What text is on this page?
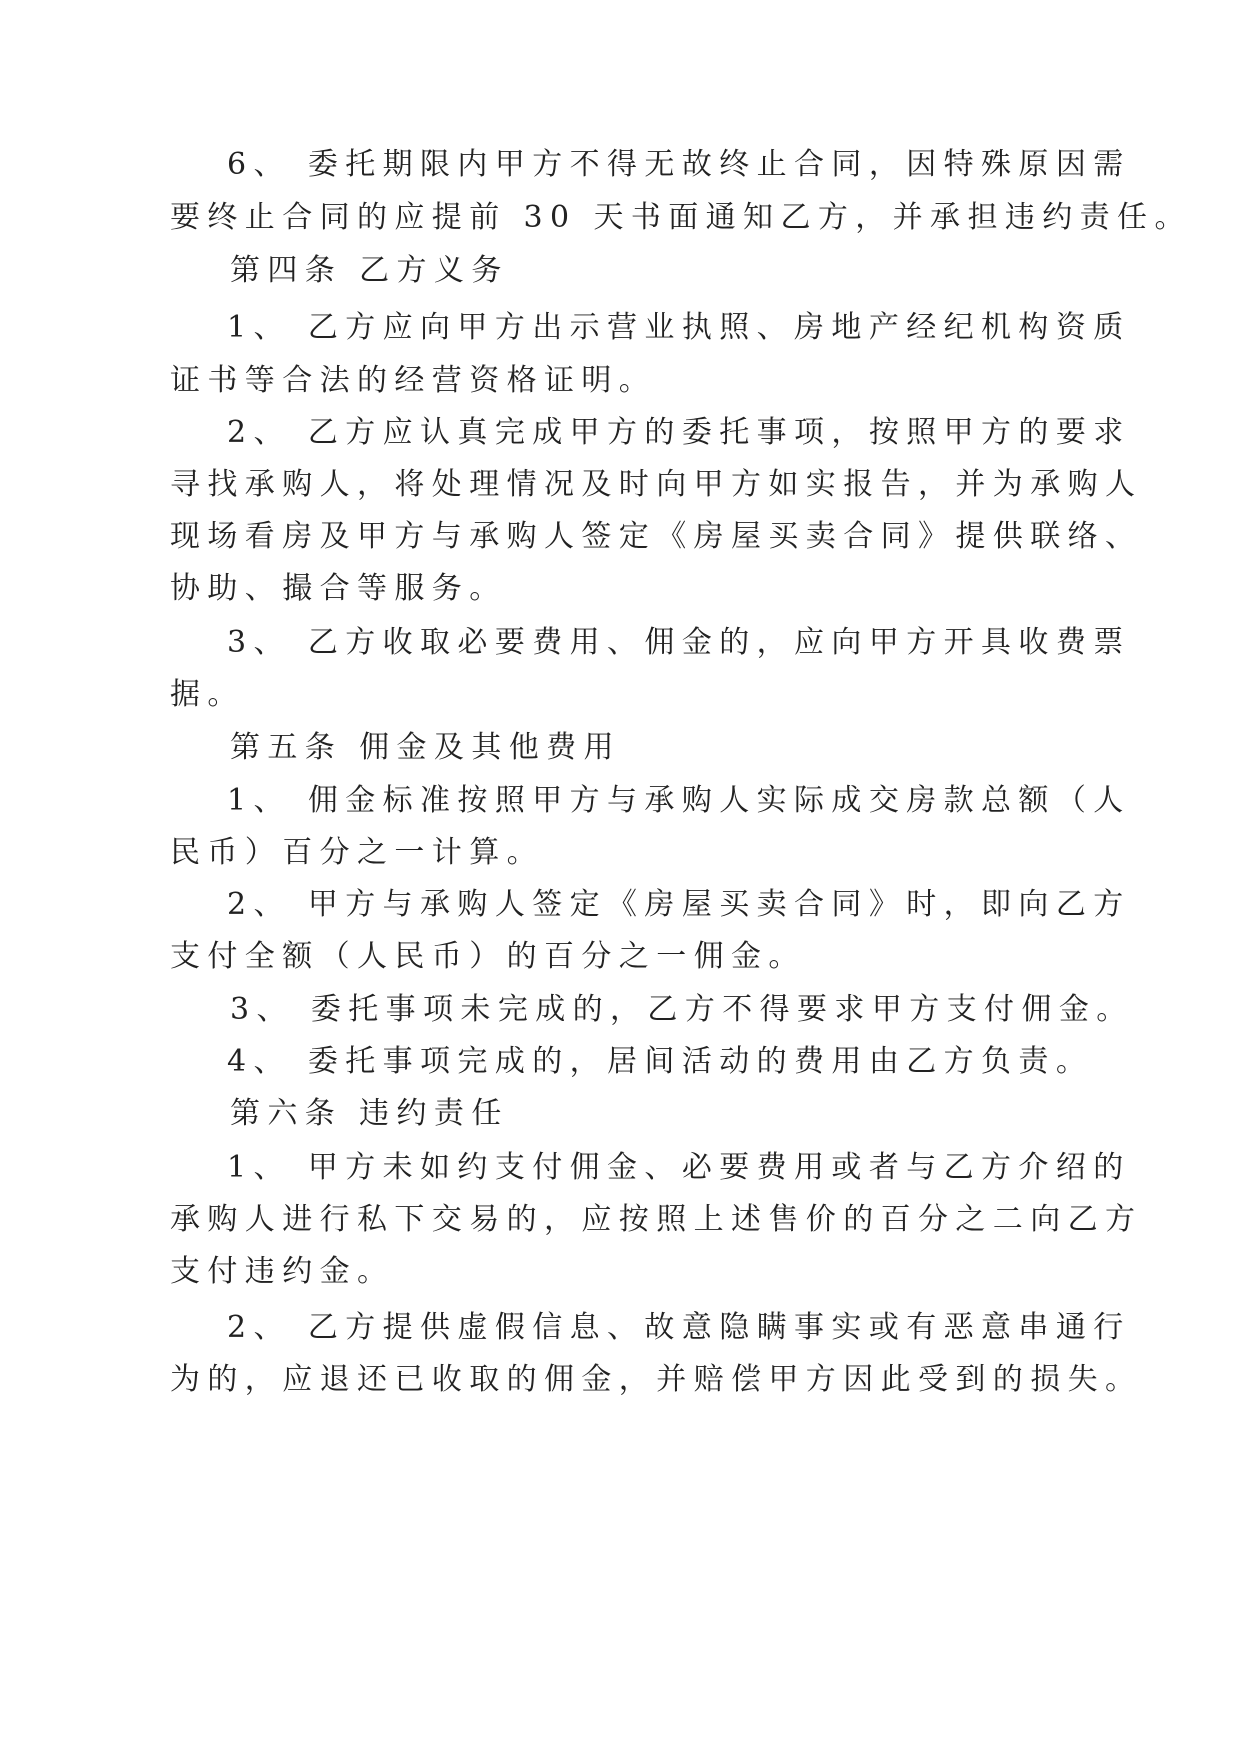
6、 委托期限内甲方不得无故终止合同，因特殊原因需

要终止合同的应提前 30 天书面通知乙方，并承担违约责任。

第四条 乙方义务

1、 乙方应向甲方出示营业执照、房地产经纪机构资质

证书等合法的经营资格证明。

2、 乙方应认真完成甲方的委托事项，按照甲方的要求

寻找承购人，将处理情况及时向甲方如实报告，并为承购人

现场看房及甲方与承购人签定《房屋买卖合同》提供联络、

协助、撮合等服务。

3、 乙方收取必要费用、佣金的，应向甲方开具收费票

据。

第五条 佣金及其他费用

1、 佣金标准按照甲方与承购人实际成交房款总额（人

民币）百分之一计算。

2、 甲方与承购人签定《房屋买卖合同》时，即向乙方

支付全额（人民币）的百分之一佣金。

3、 委托事项未完成的，乙方不得要求甲方支付佣金。

4、 委托事项完成的，居间活动的费用由乙方负责。

第六条 违约责任

1、 甲方未如约支付佣金、必要费用或者与乙方介绍的

承购人进行私下交易的，应按照上述售价的百分之二向乙方

支付违约金。

2、 乙方提供虚假信息、故意隐瞒事实或有恶意串通行

为的，应退还已收取的佣金，并赔偿甲方因此受到的损失。
